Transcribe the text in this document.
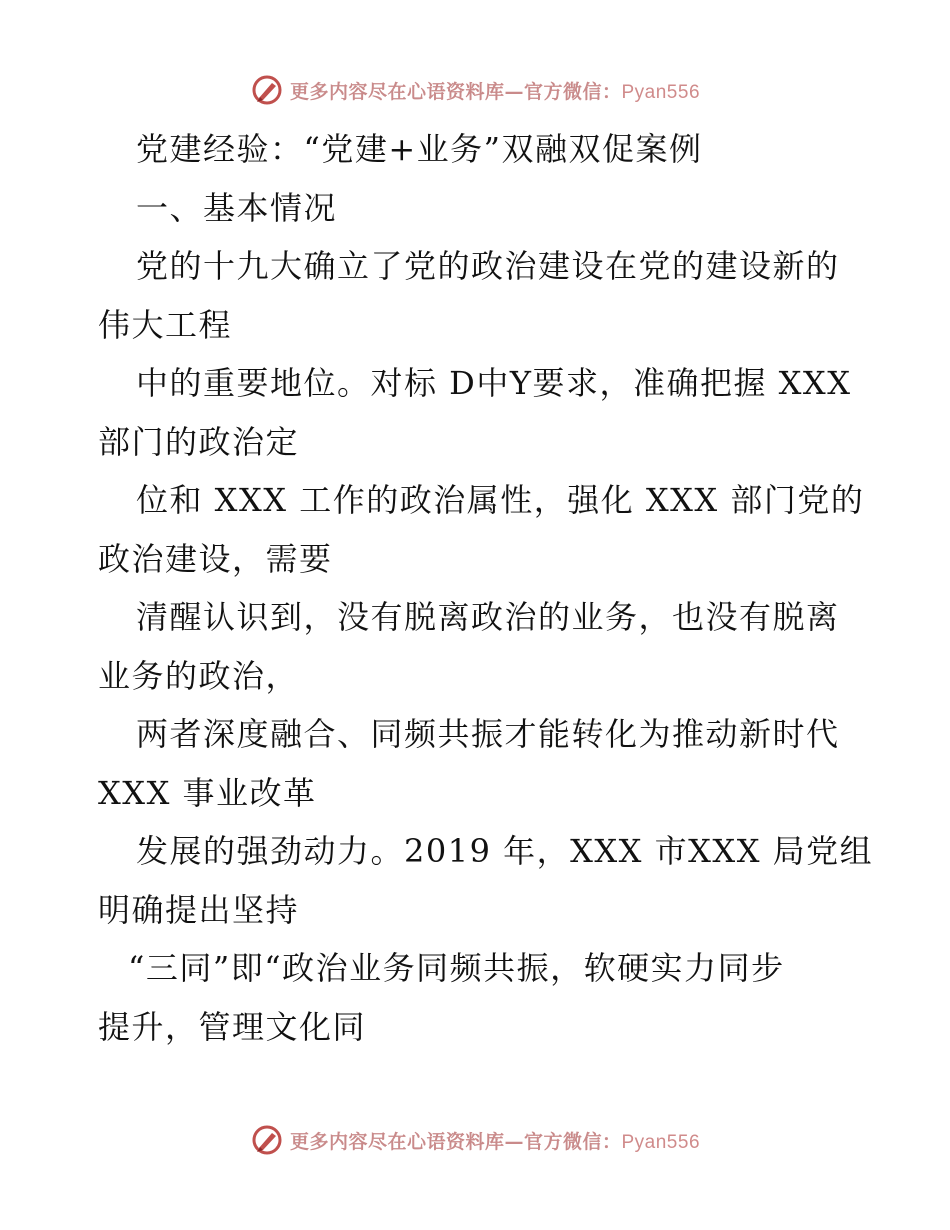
更多内容尽在心语资料库—官方微信：Pyan556
党建经验：“党建+业务”双融双促案例
一、基本情况
党的十九大确立了党的政治建设在党的建设新的
伟大工程
中的重要地位。对标 D中Y要求，准确把握 XXX
部门的政治定
位和 XXX 工作的政治属性，强化 XXX 部门党的
政治建设，需要
清醒认识到，没有脱离政治的业务，也没有脱离
业务的政治，
两者深度融合、同频共振才能转化为推动新时代
XXX 事业改革
发展的强劲动力。2019 年，XXX 市XXX 局党组
明确提出坚持
“三同”即“政治业务同频共振，软硬实力同步
提升，管理文化同
更多内容尽在心语资料库—官方微信：Pyan556
